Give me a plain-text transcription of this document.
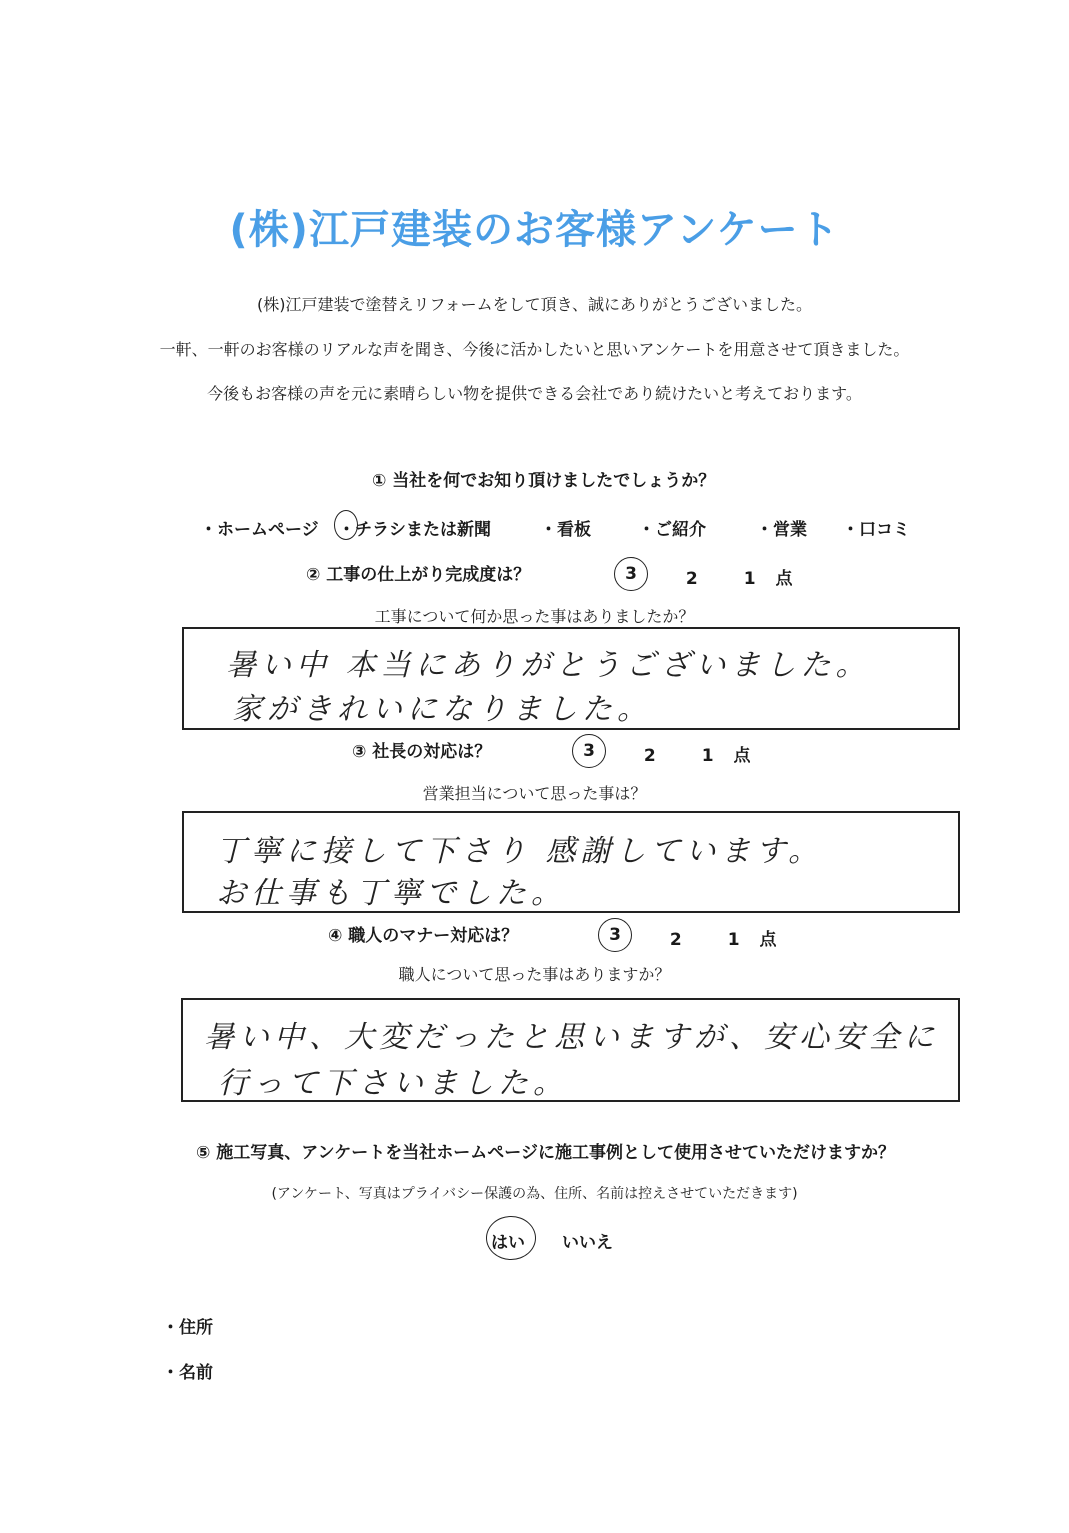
(株)江戸建装のお客様アンケート
(株)江戸建装で塗替えリフォームをして頂き、誠にありがとうございました。
一軒、一軒のお客様のリアルな声を聞き、今後に活かしたいと思いアンケートを用意させて頂きました。
今後もお客様の声を元に素晴らしい物を提供できる会社であり続けたいと考えております。
① 当社を何でお知り頂けましたでしょうか？
・ホームページ ・チラシまたは新聞	・看板	・ご紹介	・営業 ・口コミ
② 工事の仕上がり完成度は？	3	2	1 点
工事について何か思った事はありましたか？
暑い中 本当にありがとうございました。
家がきれいになりました。
③ 社長の対応は？	3	2	1 点
営業担当について思った事は？
丁寧に接して下さり 感謝しています。
お仕事も丁寧でした。
④ 職人のマナー対応は？	3	2	1 点
職人について思った事はありますか？
暑い中、大変だったと思いますが、安心安全に
行って下さいました。
⑤ 施工写真、アンケートを当社ホームページに施工事例として使用させていただけますか？
(アンケート、写真はプライバシー保護の為、住所、名前は控えさせていただきます)
はい いいえ
・住所
・名前
